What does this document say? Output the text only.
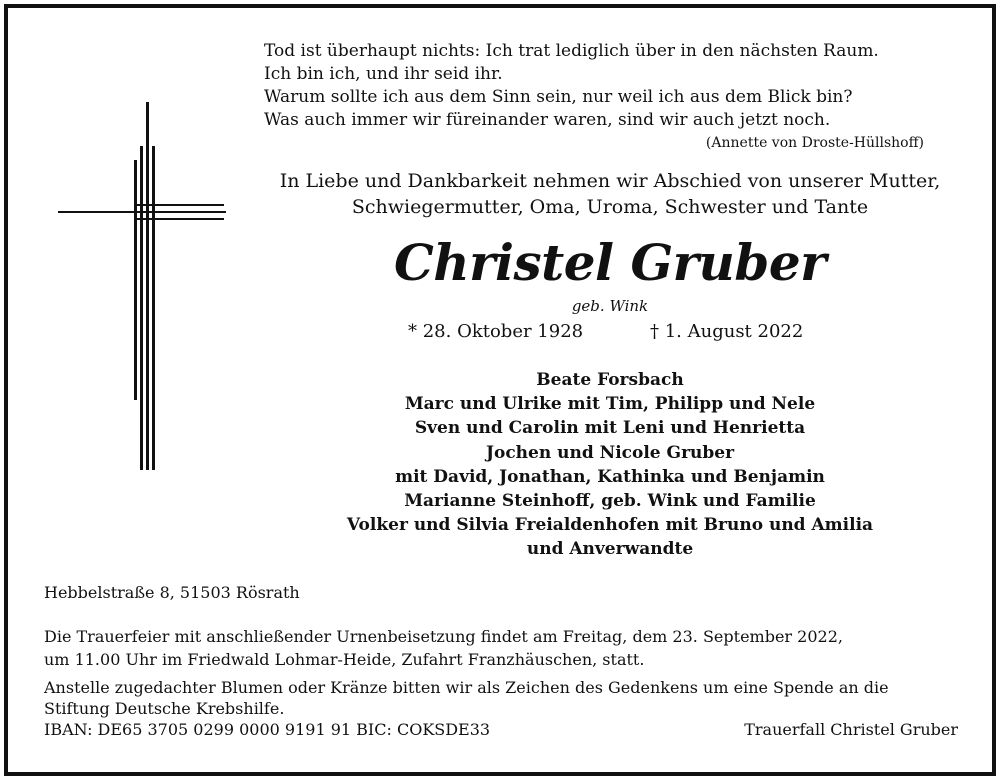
Tod ist überhaupt nichts: Ich trat lediglich über in den nächsten Raum.
Ich bin ich, und ihr seid ihr.
Warum sollte ich aus dem Sinn sein, nur weil ich aus dem Blick bin?
Was auch immer wir füreinander waren, sind wir auch jetzt noch.
(Annette von Droste-Hüllshoff)
In Liebe und Dankbarkeit nehmen wir Abschied von unserer Mutter,
Schwiegermutter, Oma, Uroma, Schwester und Tante
Christel Gruber
geb. Wink
* 28. Oktober 1928	† 1. August 2022
Beate Forsbach
Marc und Ulrike mit Tim, Philipp und Nele
Sven und Carolin mit Leni und Henrietta
Jochen und Nicole Gruber
mit David, Jonathan, Kathinka und Benjamin
Marianne Steinhoff, geb. Wink und Familie
Volker und Silvia Freialdenhofen mit Bruno und Amilia
und Anverwandte
Hebbelstraße 8, 51503 Rösrath
Die Trauerfeier mit anschließender Urnenbeisetzung findet am Freitag, dem 23. September 2022,
um 11.00 Uhr im Friedwald Lohmar-Heide, Zufahrt Franzhäuschen, statt.
Anstelle zugedachter Blumen oder Kränze bitten wir als Zeichen des Gedenkens um eine Spende an die
Stiftung Deutsche Krebshilfe.
IBAN: DE65 3705 0299 0000 9191 91 BIC: COKSDE33	Trauerfall Christel Gruber
